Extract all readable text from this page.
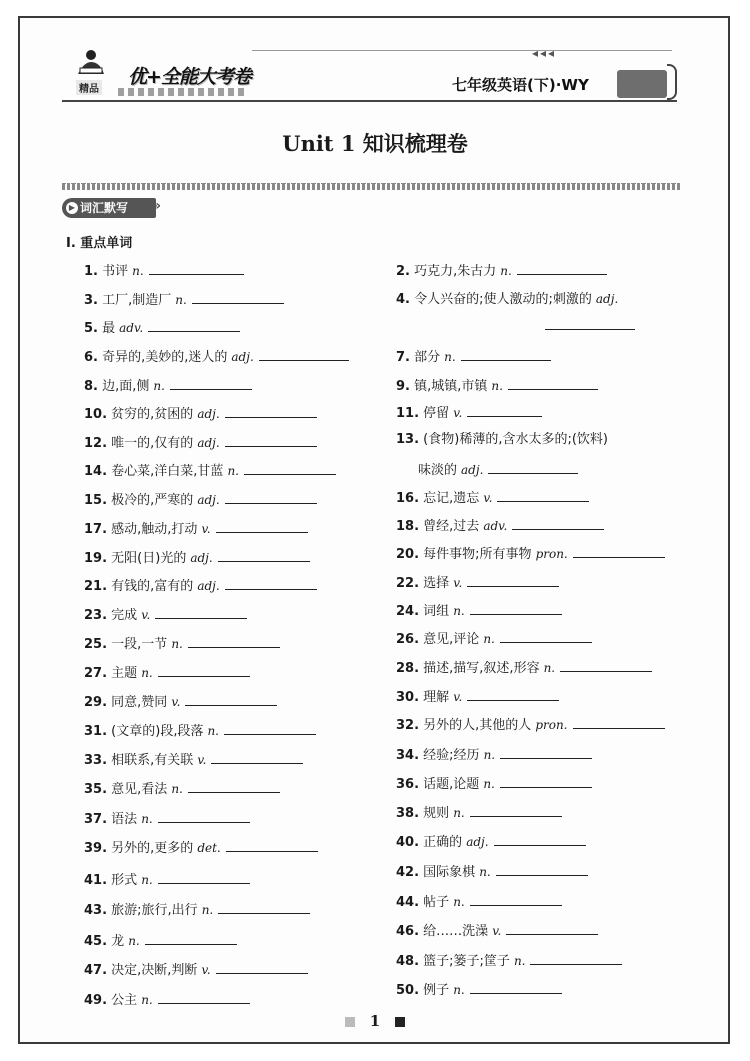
精品
优+全能大考卷
◂◂◂
七年级英语(下)·WY
Unit 1 知识梳理卷
▶ 词汇默写	»
Ⅰ. 重点单词
1. 书评 n.
3. 工厂,制造厂 n.
5. 最 adv.
6. 奇异的,美妙的,迷人的 adj.
8. 边,面,侧 n.
10. 贫穷的,贫困的 adj.
12. 唯一的,仅有的 adj.
14. 卷心菜,洋白菜,甘蓝 n.
15. 极冷的,严寒的 adj.
17. 感动,触动,打动 v.
19. 无阳(日)光的 adj.
21. 有钱的,富有的 adj.
23. 完成 v.
25. 一段,一节 n.
27. 主题 n.
29. 同意,赞同 v.
31. (文章的)段,段落 n.
33. 相联系,有关联 v.
35. 意见,看法 n.
37. 语法 n.
39. 另外的,更多的 det.
41. 形式 n.
43. 旅游;旅行,出行 n.
45. 龙 n.
47. 决定,决断,判断 v.
49. 公主 n.
2. 巧克力,朱古力 n.
4. 令人兴奋的;使人激动的;刺激的 adj.
7. 部分 n.
9. 镇,城镇,市镇 n.
11. 停留 v.
13. (食物)稀薄的,含水太多的;(饮料)
味淡的 adj.
16. 忘记,遗忘 v.
18. 曾经,过去 adv.
20. 每件事物;所有事物 pron.
22. 选择 v.
24. 词组 n.
26. 意见,评论 n.
28. 描述,描写,叙述,形容 n.
30. 理解 v.
32. 另外的人,其他的人 pron.
34. 经验;经历 n.
36. 话题,论题 n.
38. 规则 n.
40. 正确的 adj.
42. 国际象棋 n.
44. 帖子 n.
46. 给……洗澡 v.
48. 篮子;篓子;筐子 n.
50. 例子 n.
1
